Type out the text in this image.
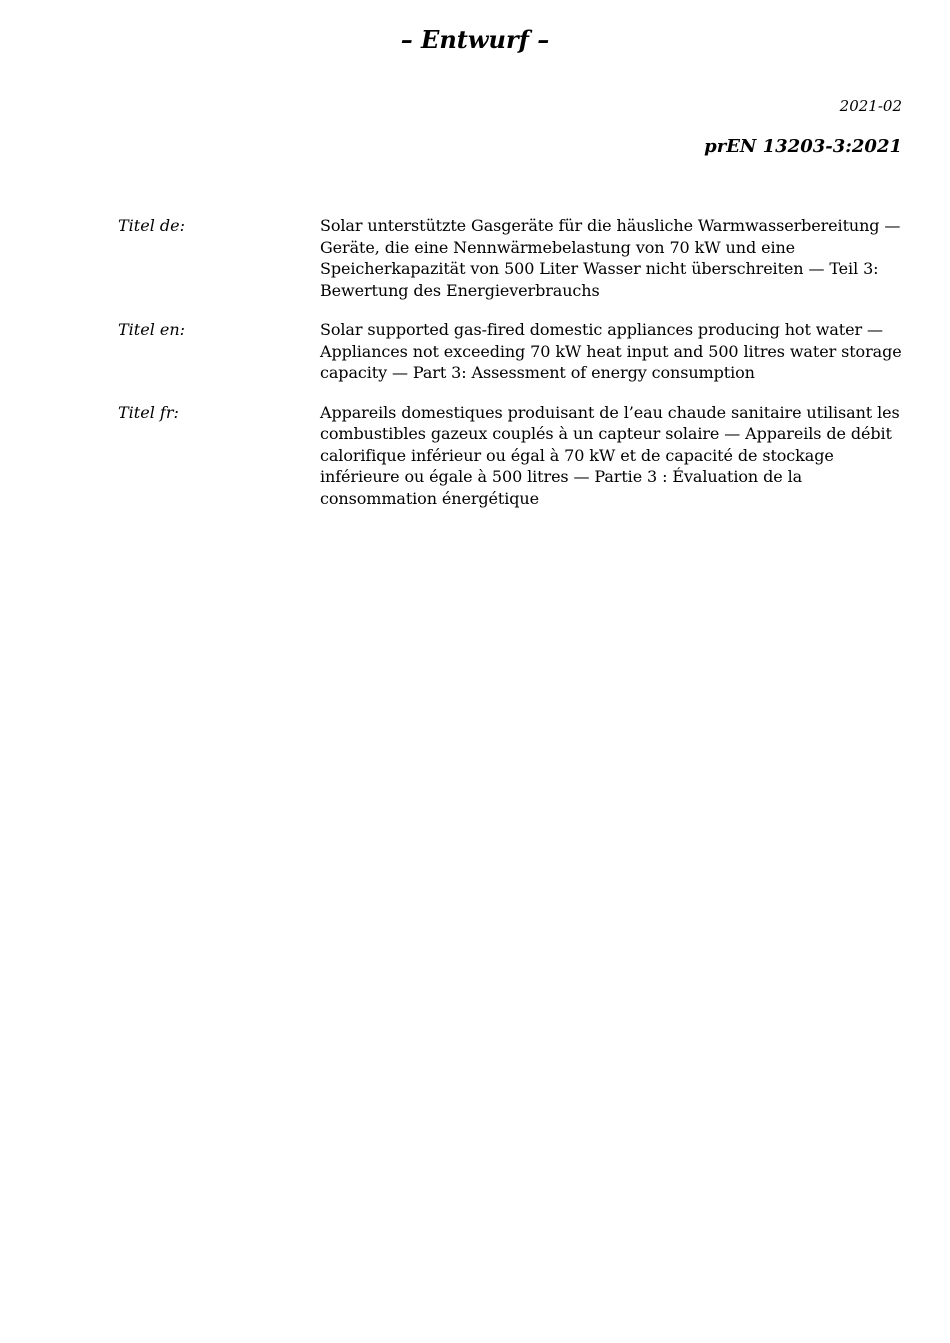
– Entwurf –
2021-02
prEN 13203-3:2021
Titel de:	Solar unterstützte Gasgeräte für die häusliche Warmwasserbereitung — Geräte, die eine Nennwärmebelastung von 70 kW und eine Speicherkapazität von 500 Liter Wasser nicht überschreiten — Teil 3: Bewertung des Energieverbrauchs
Titel en:	Solar supported gas-fired domestic appliances producing hot water — Appliances not exceeding 70 kW heat input and 500 litres water storage capacity — Part 3: Assessment of energy consumption
Titel fr:	Appareils domestiques produisant de l’eau chaude sanitaire utilisant les combustibles gazeux couplés à un capteur solaire — Appareils de débit calorifique inférieur ou égal à 70 kW et de capacité de stockage inférieure ou égale à 500 litres — Partie 3 : Évaluation de la consommation énergétique
